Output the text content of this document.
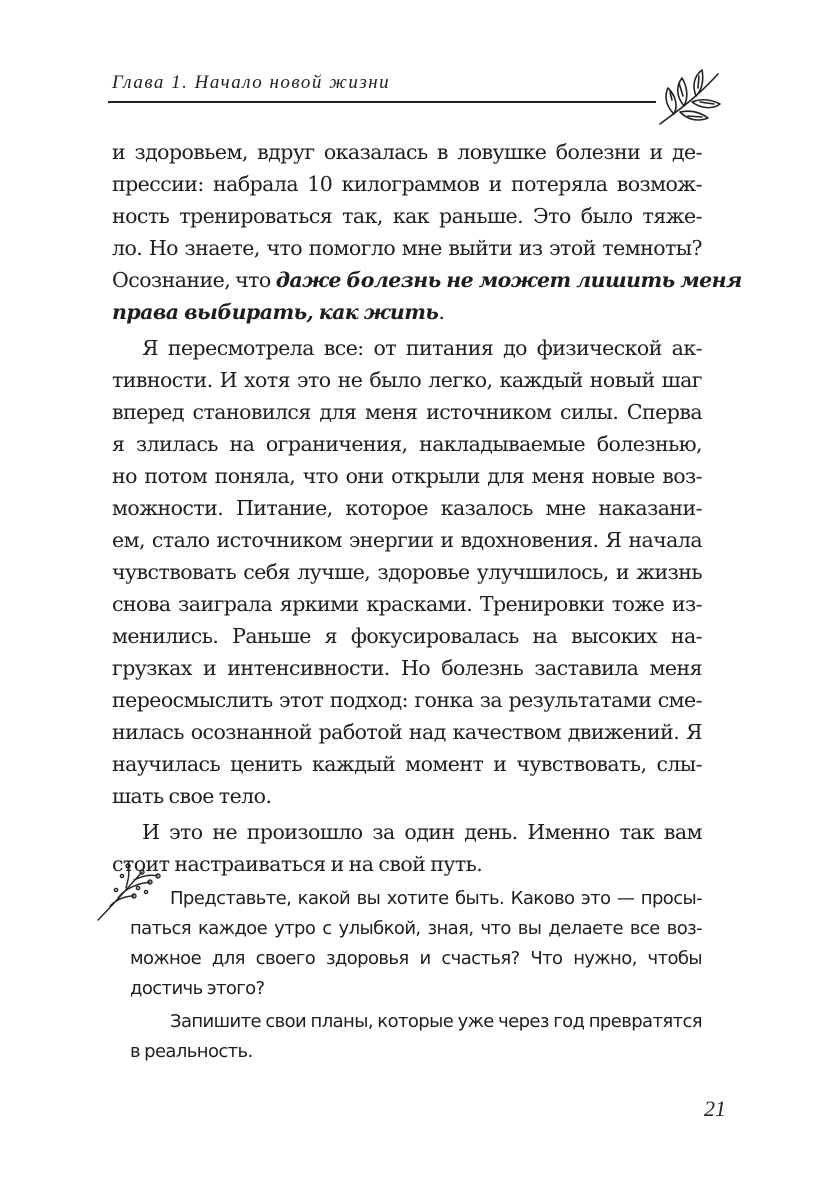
Глава 1. Начало новой жизни
и здоровьем, вдруг оказалась в ловушке болезни и де-
прессии: набрала 10 килограммов и потеряла возмож-
ность тренироваться так, как раньше. Это было тяже-
ло. Но знаете, что помогло мне выйти из этой темноты?
Осознание, что даже болезнь не может лишить меня
права выбирать, как жить.
Я пересмотрела все: от питания до физической ак-
тивности. И хотя это не было легко, каждый новый шаг
вперед становился для меня источником силы. Сперва
я злилась на ограничения, накладываемые болезнью,
но потом поняла, что они открыли для меня новые воз-
можности. Питание, которое казалось мне наказани-
ем, стало источником энергии и вдохновения. Я начала
чувствовать себя лучше, здоровье улучшилось, и жизнь
снова заиграла яркими красками. Тренировки тоже из-
менились. Раньше я фокусировалась на высоких на-
грузках и интенсивности. Но болезнь заставила меня
переосмыслить этот подход: гонка за результатами сме-
нилась осознанной работой над качеством движений. Я
научилась ценить каждый момент и чувствовать, слы-
шать свое тело.
И это не произошло за один день. Именно так вам
стоит настраиваться и на свой путь.
Представьте, какой вы хотите быть. Каково это — просы-
паться каждое утро с улыбкой, зная, что вы делаете все воз-
можное для своего здоровья и счастья? Что нужно, чтобы
достичь этого?
Запишите свои планы, которые уже через год превратятся
в реальность.
21
